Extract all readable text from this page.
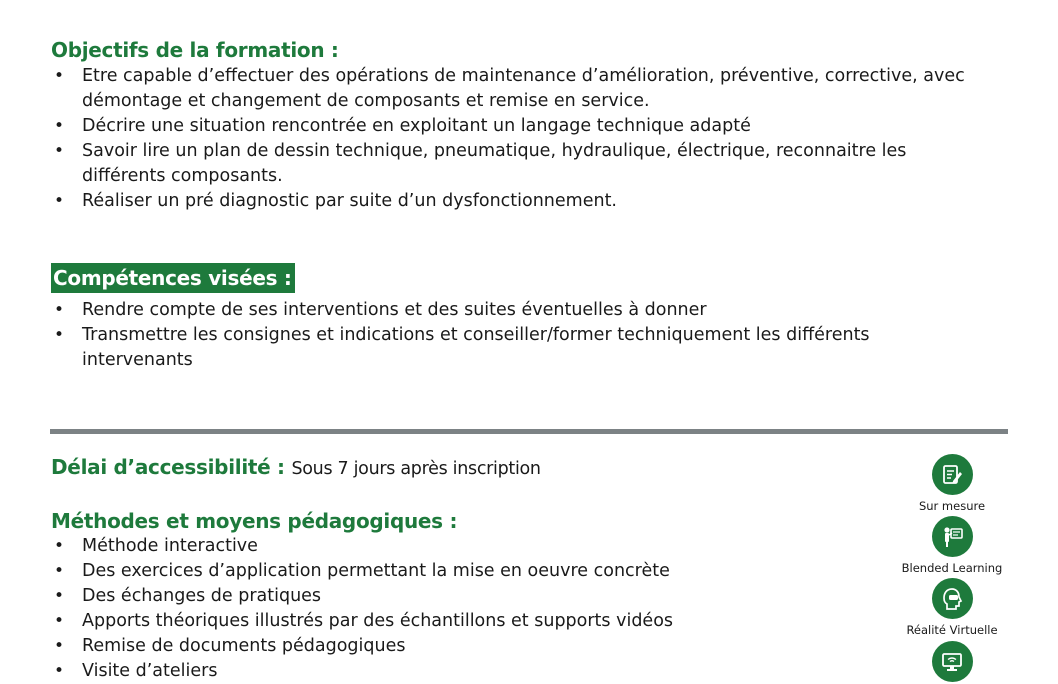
Objectifs de la formation :
• Etre capable d’effectuer des opérations de maintenance d’amélioration, préventive, corrective, avec démontage et changement de composants et remise en service.
• Décrire une situation rencontrée en exploitant un langage technique adapté
• Savoir lire un plan de dessin technique, pneumatique, hydraulique, électrique, reconnaitre les différents composants.
• Réaliser un pré diagnostic par suite d’un dysfonctionnement.
Compétences visées :
• Rendre compte de ses interventions et des suites éventuelles à donner
• Transmettre les consignes et indications et conseiller/former techniquement les différents intervenants
Délai d’accessibilité : Sous 7 jours après inscription
Méthodes et moyens pédagogiques :
• Méthode interactive
• Des exercices d’application permettant la mise en oeuvre concrète
• Des échanges de pratiques
• Apports théoriques illustrés par des échantillons et supports vidéos
• Remise de documents pédagogiques
• Visite d’ateliers
Sur mesure
Blended Learning
Réalité Virtuelle
